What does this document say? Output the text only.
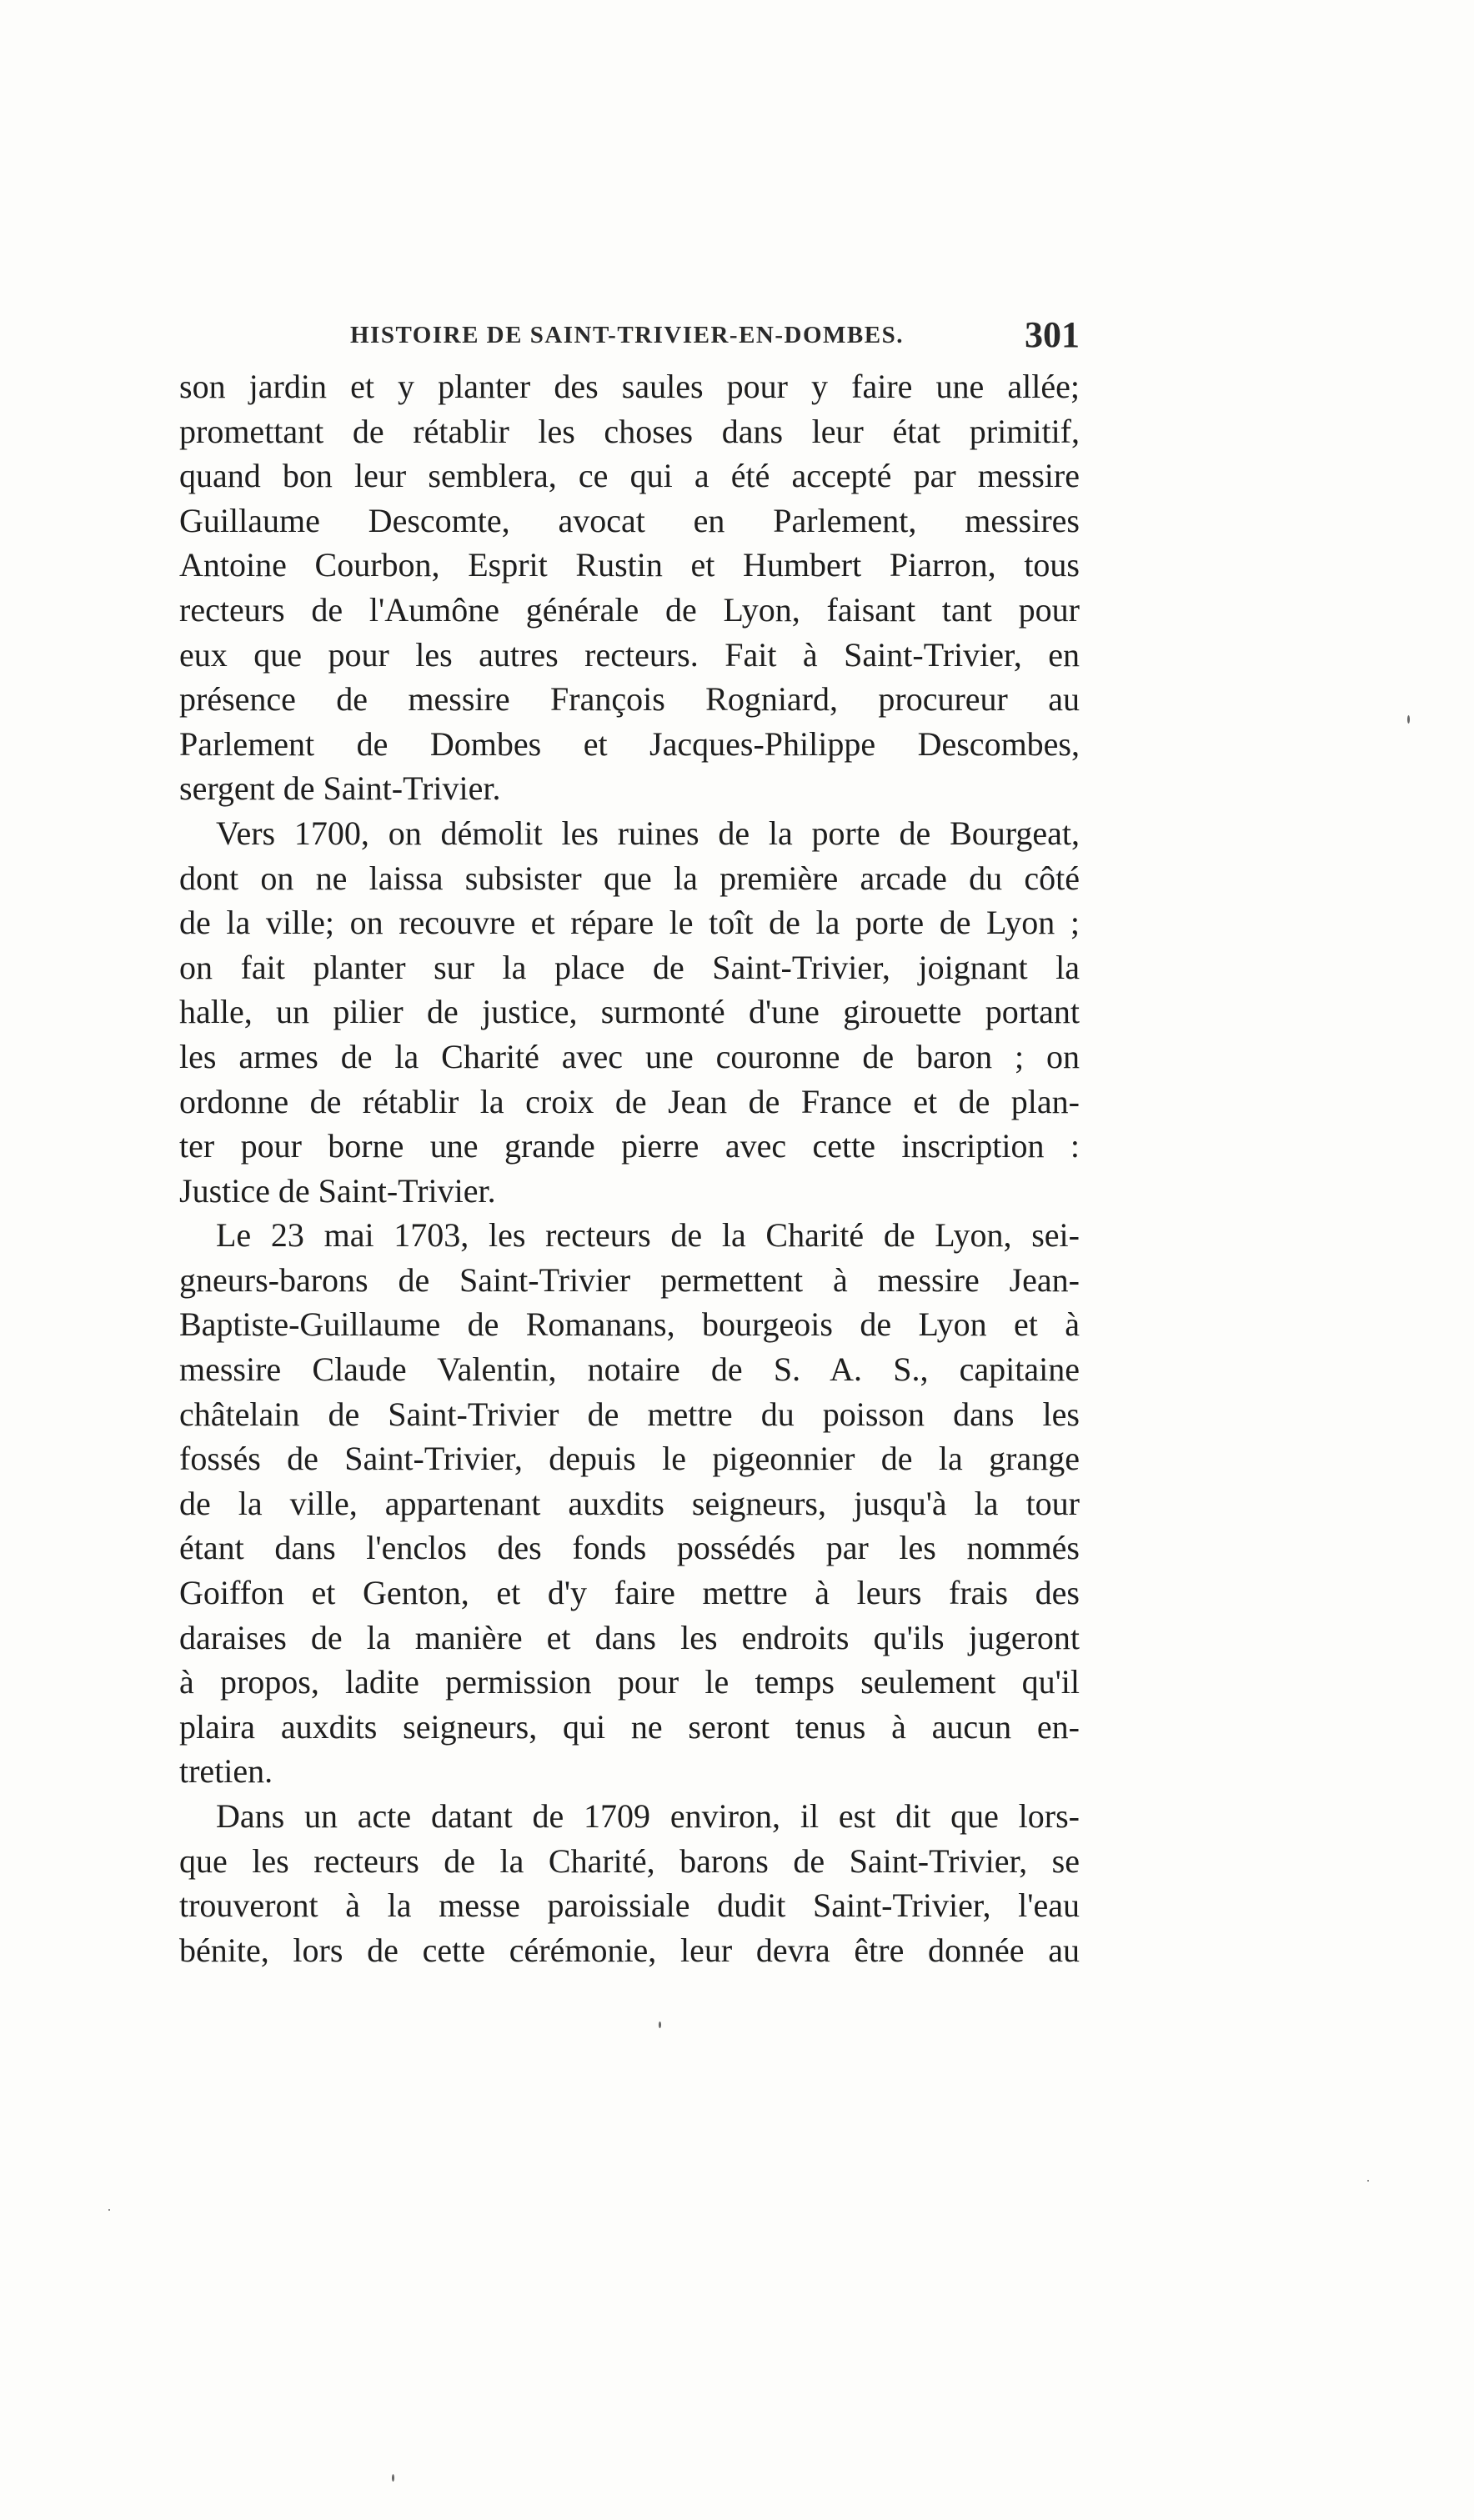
HISTOIRE DE SAINT-TRIVIER-EN-DOMBES.	301
son jardin et y planter des saules pour y faire une allée;
promettant de rétablir les choses dans leur état primitif,
quand bon leur semblera, ce qui a été accepté par messire
Guillaume Descomte, avocat en Parlement, messires
Antoine Courbon, Esprit Rustin et Humbert Piarron, tous
recteurs de l'Aumône générale de Lyon, faisant tant pour
eux que pour les autres recteurs. Fait à Saint-Trivier, en
présence de messire François Rogniard, procureur au
Parlement de Dombes et Jacques-Philippe Descombes,
sergent de Saint-Trivier.
Vers 1700, on démolit les ruines de la porte de Bourgeat,
dont on ne laissa subsister que la première arcade du côté
de la ville; on recouvre et répare le toît de la porte de Lyon ;
on fait planter sur la place de Saint-Trivier, joignant la
halle, un pilier de justice, surmonté d'une girouette portant
les armes de la Charité avec une couronne de baron ; on
ordonne de rétablir la croix de Jean de France et de plan-
ter pour borne une grande pierre avec cette inscription :
Justice de Saint-Trivier.
Le 23 mai 1703, les recteurs de la Charité de Lyon, sei-
gneurs-barons de Saint-Trivier permettent à messire Jean-
Baptiste-Guillaume de Romanans, bourgeois de Lyon et à
messire Claude Valentin, notaire de S. A. S., capitaine
châtelain de Saint-Trivier de mettre du poisson dans les
fossés de Saint-Trivier, depuis le pigeonnier de la grange
de la ville, appartenant auxdits seigneurs, jusqu'à la tour
étant dans l'enclos des fonds possédés par les nommés
Goiffon et Genton, et d'y faire mettre à leurs frais des
daraises de la manière et dans les endroits qu'ils jugeront
à propos, ladite permission pour le temps seulement qu'il
plaira auxdits seigneurs, qui ne seront tenus à aucun en-
tretien.
Dans un acte datant de 1709 environ, il est dit que lors-
que les recteurs de la Charité, barons de Saint-Trivier, se
trouveront à la messe paroissiale dudit Saint-Trivier, l'eau
bénite, lors de cette cérémonie, leur devra être donnée au
